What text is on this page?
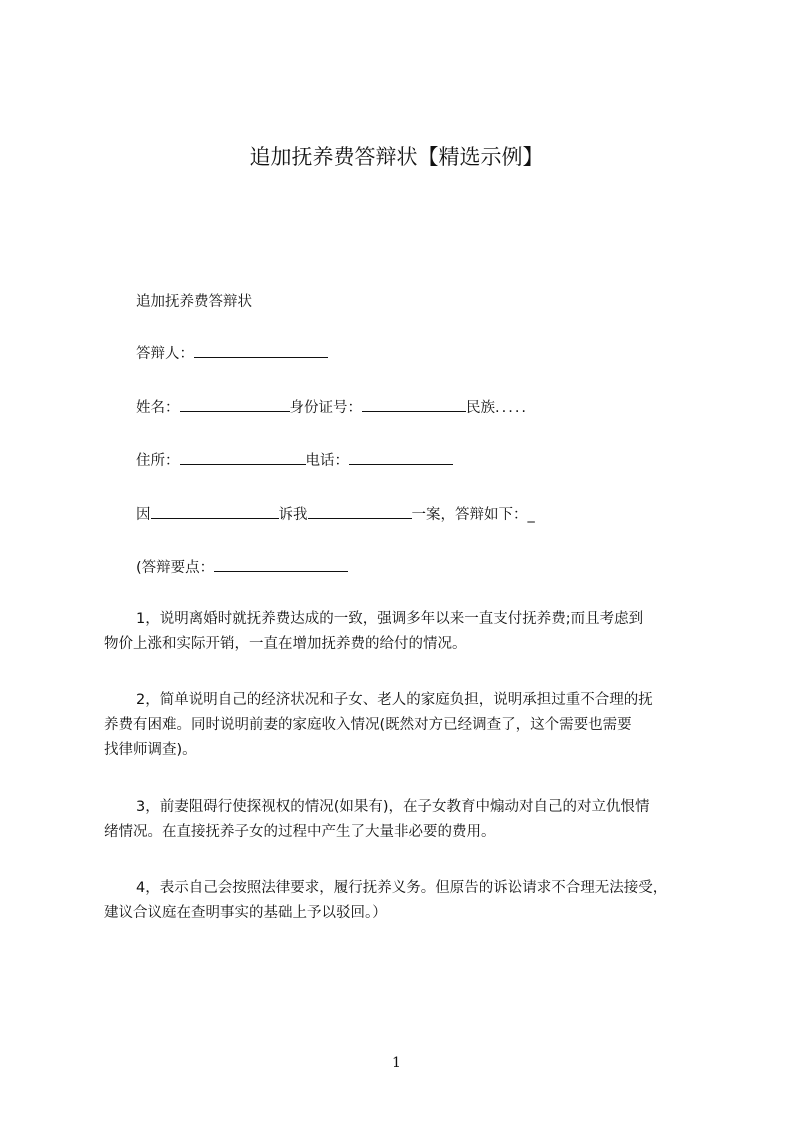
追加抚养费答辩状【精选示例】
追加抚养费答辩状
答辩人：
姓名：	身份证号：	民族.....
住所：	电话：
因	诉我	一案，答辩如下：_
(答辩要点：
1，说明离婚时就抚养费达成的一致，强调多年以来一直支付抚养费;而且考虑到
物价上涨和实际开销，一直在增加抚养费的给付的情况。
2，简单说明自己的经济状况和子女、老人的家庭负担，说明承担过重不合理的抚
养费有困难。同时说明前妻的家庭收入情况(既然对方已经调查了，这个需要也需要
找律师调查)。
3，前妻阻碍行使探视权的情况(如果有)，在子女教育中煽动对自己的对立仇恨情
绪情况。在直接抚养子女的过程中产生了大量非必要的费用。
4，表示自己会按照法律要求，履行抚养义务。但原告的诉讼请求不合理无法接受，
建议合议庭在查明事实的基础上予以驳回。）
1
